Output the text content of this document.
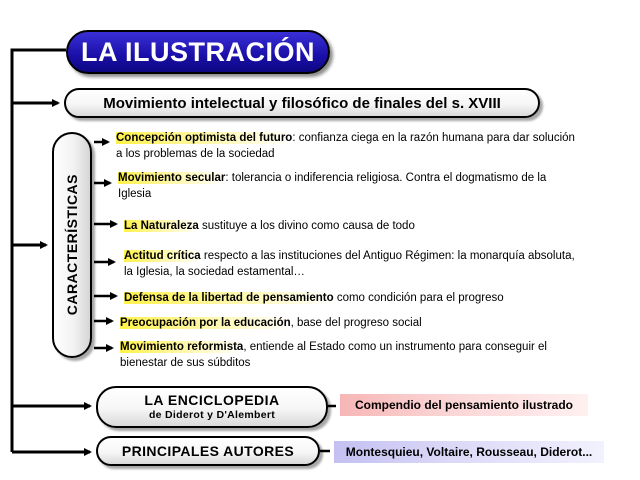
LA ILUSTRACIÓN
Movimiento intelectual y filosófico de finales del s. XVIII
CARACTERÍSTICAS
Concepción optimista del futuro: confianza ciega en la razón humana para dar solución a los problemas de la sociedad
Movimiento secular: tolerancia o indiferencia religiosa. Contra el dogmatismo de la Iglesia
La Naturaleza sustituye a los divino como causa de todo
Actitud crítica respecto a las instituciones del Antiguo Régimen: la monarquía absoluta, la Iglesia, la sociedad estamental…
Defensa de la libertad de pensamiento como condición para el progreso
Preocupación por la educación, base del progreso social
Movimiento reformista, entiende al Estado como un instrumento para conseguir el bienestar de sus súbditos
LA ENCICLOPEDIA
de Diderot y D'Alembert
Compendio del pensamiento ilustrado
PRINCIPALES AUTORES	Montesquieu, Voltaire, Rousseau, Diderot...
